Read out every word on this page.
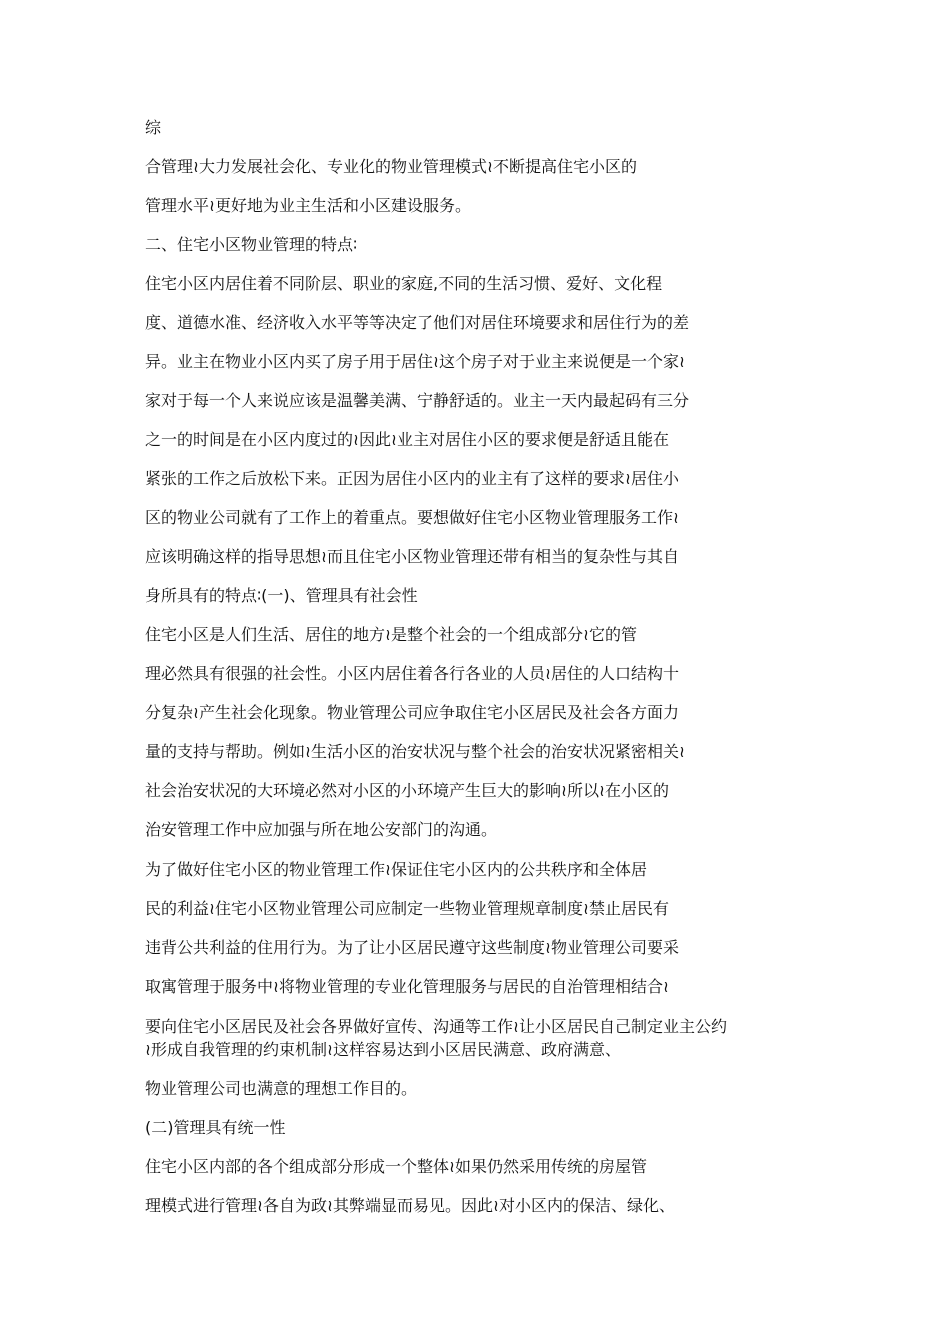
综
合管理≀大力发展社会化、专业化的物业管理模式≀不断提高住宅小区的
管理水平≀更好地为业主生活和小区建设服务。
二、住宅小区物业管理的特点∶
住宅小区内居住着不同阶层、职业的家庭,不同的生活习惯、爱好、文化程
度、道德水准、经济收入水平等等决定了他们对居住环境要求和居住行为的差
异。业主在物业小区内买了房子用于居住≀这个房子对于业主来说便是一个家≀
家对于每一个人来说应该是温馨美满、宁静舒适的。业主一天内最起码有三分
之一的时间是在小区内度过的≀因此≀业主对居住小区的要求便是舒适且能在
紧张的工作之后放松下来。正因为居住小区内的业主有了这样的要求≀居住小
区的物业公司就有了工作上的着重点。要想做好住宅小区物业管理服务工作≀
应该明确这样的指导思想≀而且住宅小区物业管理还带有相当的复杂性与其自
身所具有的特点∶(一)、管理具有社会性
住宅小区是人们生活、居住的地方≀是整个社会的一个组成部分≀它的管
理必然具有很强的社会性。小区内居住着各行各业的人员≀居住的人口结构十
分复杂≀产生社会化现象。物业管理公司应争取住宅小区居民及社会各方面力
量的支持与帮助。例如≀生活小区的治安状况与整个社会的治安状况紧密相关≀
社会治安状况的大环境必然对小区的小环境产生巨大的影响≀所以≀在小区的
治安管理工作中应加强与所在地公安部门的沟通。
为了做好住宅小区的物业管理工作≀保证住宅小区内的公共秩序和全体居
民的利益≀住宅小区物业管理公司应制定一些物业管理规章制度≀禁止居民有
违背公共利益的住用行为。为了让小区居民遵守这些制度≀物业管理公司要采
取寓管理于服务中≀将物业管理的专业化管理服务与居民的自治管理相结合≀
要向住宅小区居民及社会各界做好宣传、沟通等工作≀让小区居民自己制定业主公约
≀形成自我管理的约束机制≀这样容易达到小区居民满意、政府满意、
物业管理公司也满意的理想工作目的。
(二)管理具有统一性
住宅小区内部的各个组成部分形成一个整体≀如果仍然采用传统的房屋管
理模式进行管理≀各自为政≀其弊端显而易见。因此≀对小区内的保洁、绿化、
